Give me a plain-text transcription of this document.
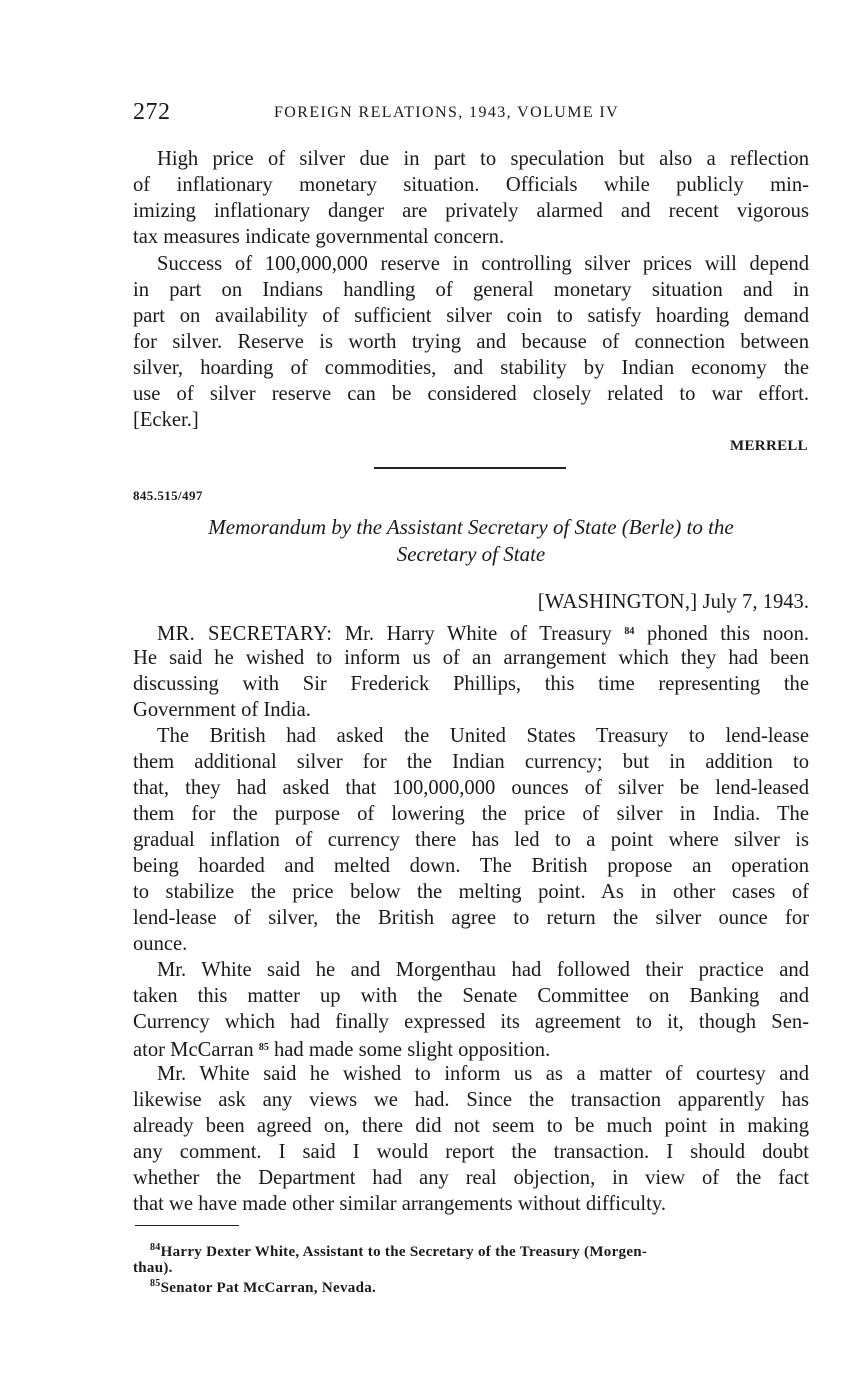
272	FOREIGN RELATIONS, 1943, VOLUME IV
High price of silver due in part to speculation but also a reflection
of inflationary monetary situation. Officials while publicly min-
imizing inflationary danger are privately alarmed and recent vigorous
tax measures indicate governmental concern.
Success of 100,000,000 reserve in controlling silver prices will depend
in part on Indians handling of general monetary situation and in
part on availability of sufficient silver coin to satisfy hoarding demand
for silver. Reserve is worth trying and because of connection between
silver, hoarding of commodities, and stability by Indian economy the
use of silver reserve can be considered closely related to war effort.
[Ecker.]
MERRELL
845.515/497
Memorandum by the Assistant Secretary of State (Berle) to the
Secretary of State
[WASHINGTON,] July 7, 1943.
MR. SECRETARY: Mr. Harry White of Treasury $^{84}$ phoned this noon.
He said he wished to inform us of an arrangement which they had been
discussing with Sir Frederick Phillips, this time representing the
Government of India.
The British had asked the United States Treasury to lend-lease
them additional silver for the Indian currency; but in addition to
that, they had asked that 100,000,000 ounces of silver be lend-leased
them for the purpose of lowering the price of silver in India. The
gradual inflation of currency there has led to a point where silver is
being hoarded and melted down. The British propose an operation
to stabilize the price below the melting point. As in other cases of
lend-lease of silver, the British agree to return the silver ounce for
ounce.
Mr. White said he and Morgenthau had followed their practice and
taken this matter up with the Senate Committee on Banking and
Currency which had finally expressed its agreement to it, though Sen-
ator McCarran $^{85}$ had made some slight opposition.
Mr. White said he wished to inform us as a matter of courtesy and
likewise ask any views we had. Since the transaction apparently has
already been agreed on, there did not seem to be much point in making
any comment. I said I would report the transaction. I should doubt
whether the Department had any real objection, in view of the fact
that we have made other similar arrangements without difficulty.
$^{84}$Harry Dexter White, Assistant to the Secretary of the Treasury (Morgen-
thau).
$^{85}$Senator Pat McCarran, Nevada.
